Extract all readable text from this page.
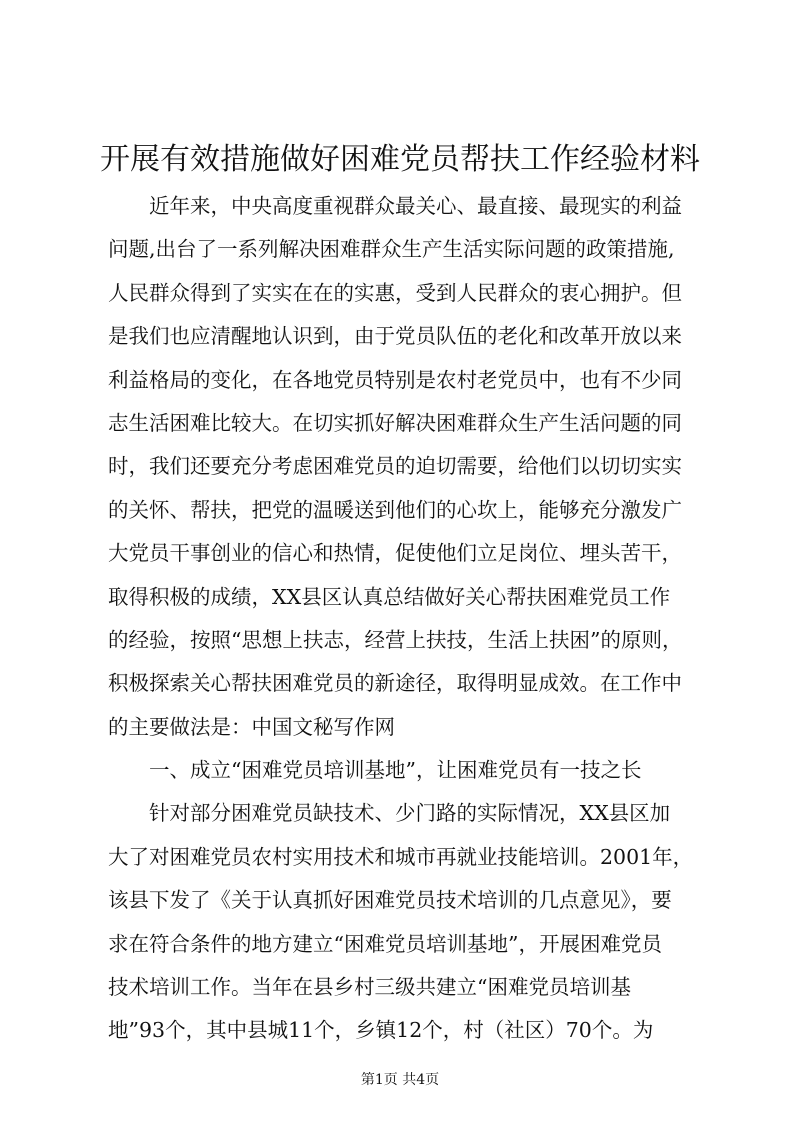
开展有效措施做好困难党员帮扶工作经验材料
近年来，中央高度重视群众最关心、最直接、最现实的利益
问题,出台了一系列解决困难群众生产生活实际问题的政策措施,
人民群众得到了实实在在的实惠，受到人民群众的衷心拥护。但
是我们也应清醒地认识到，由于党员队伍的老化和改革开放以来
利益格局的变化，在各地党员特别是农村老党员中，也有不少同
志生活困难比较大。在切实抓好解决困难群众生产生活问题的同
时，我们还要充分考虑困难党员的迫切需要，给他们以切切实实
的关怀、帮扶，把党的温暖送到他们的心坎上，能够充分激发广
大党员干事创业的信心和热情，促使他们立足岗位、埋头苦干，
取得积极的成绩，XX县区认真总结做好关心帮扶困难党员工作
的经验，按照“思想上扶志，经营上扶技，生活上扶困”的原则，
积极探索关心帮扶困难党员的新途径，取得明显成效。在工作中
的主要做法是：中国文秘写作网
一、成立“困难党员培训基地”，让困难党员有一技之长
针对部分困难党员缺技术、少门路的实际情况，XX县区加
大了对困难党员农村实用技术和城市再就业技能培训。2001年，
该县下发了《关于认真抓好困难党员技术培训的几点意见》，要
求在符合条件的地方建立“困难党员培训基地”，开展困难党员
技术培训工作。当年在县乡村三级共建立“困难党员培训基
地”93个，其中县城11个，乡镇12个，村（社区）70个。为
第1页 共4页
